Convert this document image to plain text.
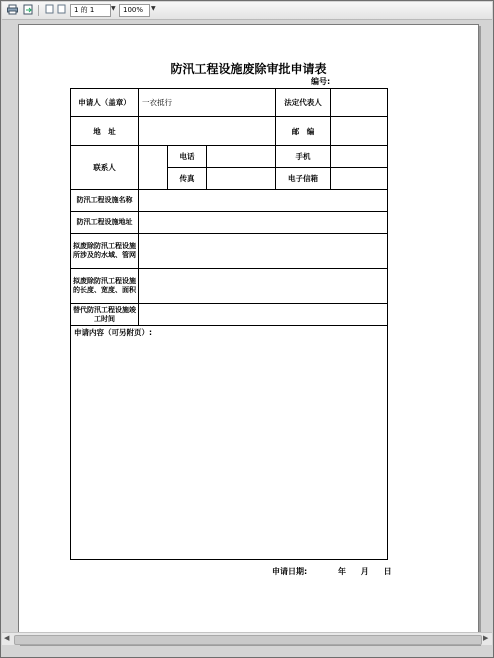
1 的 1	▼	100%	▼
防汛工程设施废除审批申请表
编号:
申请人（盖章）	一衣抵行			法定代表人	
地　址				邮　编	
联系人		电话		手机	
		传真		电子信箱	
防汛工程设施名称					
防汛工程设施地址					
拟废除防汛工程设施所涉及的水域、管网					
拟废除防汛工程设施的长度、宽度、面积					
替代防汛工程设施竣工时间					
申请内容（可另附页）:					
申请日期:	年 月 日
◀	▶
